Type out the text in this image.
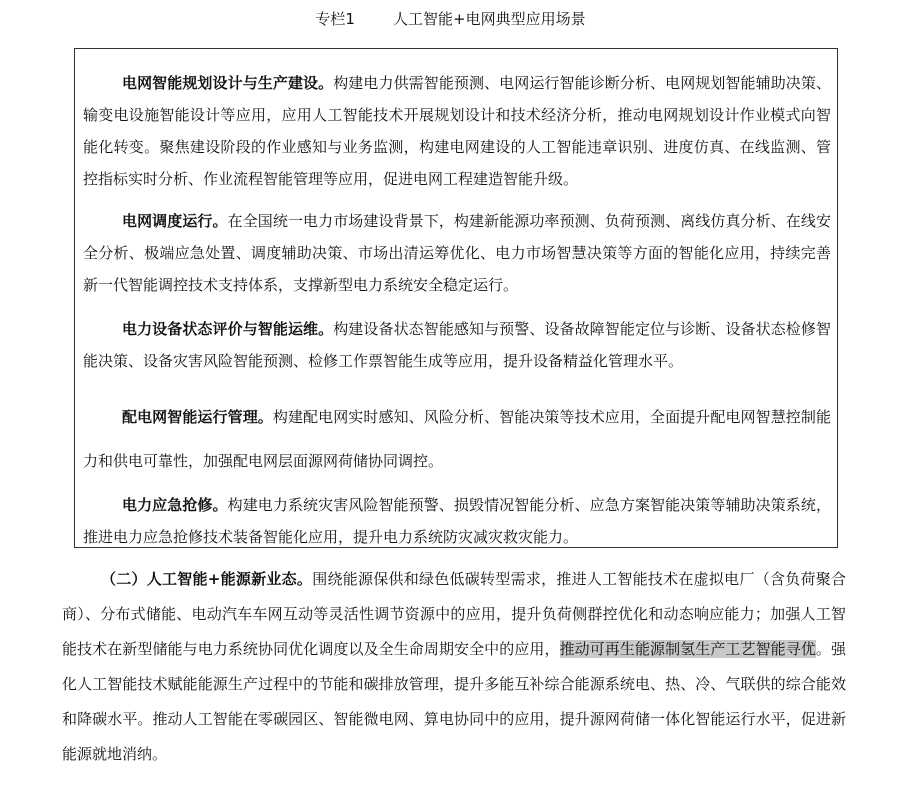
专栏1        人工智能+电网典型应用场景
电网智能规划设计与生产建设。构建电力供需智能预测、电网运行智能诊断分析、电网规划智能辅助决策、输变电设施智能设计等应用，应用人工智能技术开展规划设计和技术经济分析，推动电网规划设计作业模式向智能化转变。聚焦建设阶段的作业感知与业务监测，构建电网建设的人工智能违章识别、进度仿真、在线监测、管控指标实时分析、作业流程智能管理等应用，促进电网工程建造智能升级。
电网调度运行。在全国统一电力市场建设背景下，构建新能源功率预测、负荷预测、离线仿真分析、在线安全分析、极端应急处置、调度辅助决策、市场出清运筹优化、电力市场智慧决策等方面的智能化应用，持续完善新一代智能调控技术支持体系，支撑新型电力系统安全稳定运行。
电力设备状态评价与智能运维。构建设备状态智能感知与预警、设备故障智能定位与诊断、设备状态检修智能决策、设备灾害风险智能预测、检修工作票智能生成等应用，提升设备精益化管理水平。
配电网智能运行管理。构建配电网实时感知、风险分析、智能决策等技术应用，全面提升配电网智慧控制能力和供电可靠性，加强配电网层面源网荷储协同调控。
电力应急抢修。构建电力系统灾害风险智能预警、损毁情况智能分析、应急方案智能决策等辅助决策系统，推进电力应急抢修技术装备智能化应用，提升电力系统防灾减灾救灾能力。
（二）人工智能+能源新业态。围绕能源保供和绿色低碳转型需求，推进人工智能技术在虚拟电厂（含负荷聚合商）、分布式储能、电动汽车车网互动等灵活性调节资源中的应用，提升负荷侧群控优化和动态响应能力；加强人工智能技术在新型储能与电力系统协同优化调度以及全生命周期安全中的应用，推动可再生能源制氢生产工艺智能寻优。强化人工智能技术赋能能源生产过程中的节能和碳排放管理，提升多能互补综合能源系统电、热、冷、气联供的综合能效和降碳水平。推动人工智能在零碳园区、智能微电网、算电协同中的应用，提升源网荷储一体化智能运行水平，促进新能源就地消纳。
